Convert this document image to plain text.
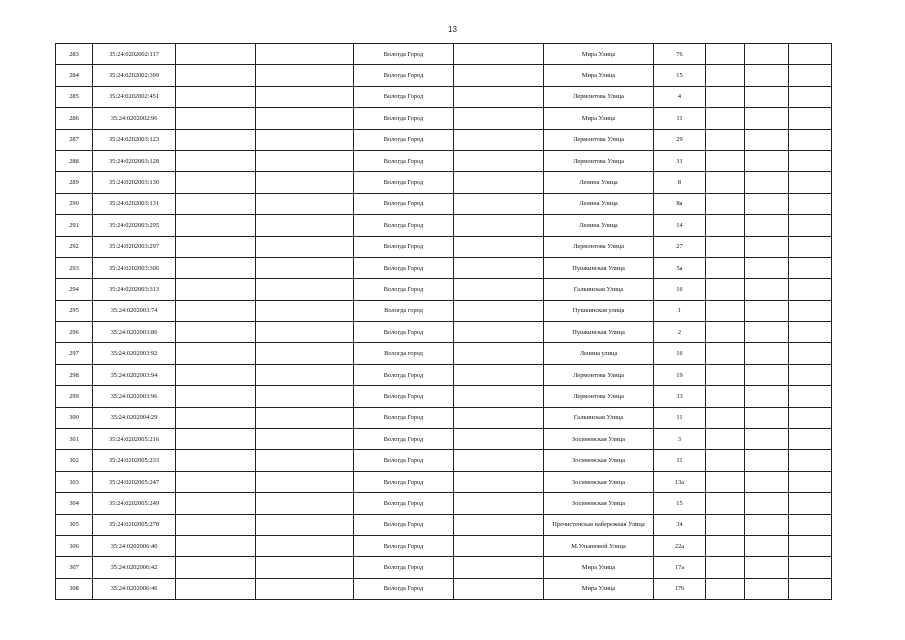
13
283	35:24:0202002:117			Вологда Город		Мира Улица	76			
284	35:24:0202002:399			Вологда Город		Мира Улица	15			
285	35:24:0202002:451			Вологда Город		Лермонтова Улица	4			
286	35:24:0202002:96			Вологда Город		Мира Улица	11			
287	35:24:0202003:123			Вологда Город		Лермонтова Улица	29			
288	35:24:0202003:128			Вологда Город		Лермонтова Улица	31			
289	35:24:0202003:130			Вологда Город		Ленина Улица	8			
290	35:24:0202003:131			Вологда Город		Ленина Улица	8а			
291	35:24:0202003:295			Вологда Город		Ленина Улица	14			
292	35:24:0202003:297			Вологда Город		Лермонтова Улица	27			
293	35:24:0202003:306			Вологда Город		Пушкинская Улица	5а			
294	35:24:0202003:313			Вологда Город		Галкинская Улица	16			
295	35:24:0202003:74			Вологда город		Пушкинская улица	1			
296	35:24:0202003:86			Вологда Город		Пушкинская Улица	2			
297	35:24:0202003:92			Вологда город		Ленина улица	16			
298	35:24:0202003:94			Вологда Город		Лермонтова Улица	19			
299	35:24:0202003:96			Вологда Город		Лермонтова Улица	33			
300	35:24:0202004:29			Вологда Город		Галкинская Улица	11			
301	35:24:0202005:216			Вологда Город		Зосимовская Улица	3			
302	35:24:0202005:233			Вологда Город		Зосимовская Улица	11			
303	35:24:0202005:247			Вологда Город		Зосимовская Улица	13а			
304	35:24:0202005:249			Вологда Город		Зосимовская Улица	15			
305	35:24:0202005:278			Вологда Город		Пречистенская набережная Улица	34			
306	35:24:0202006:40			Вологда Город		М.Ульяновой Улица	22а			
307	35:24:0202006:42			Вологда Город		Мира Улица	17а			
308	35:24:0202006:46			Вологда Город		Мира Улица	176			
